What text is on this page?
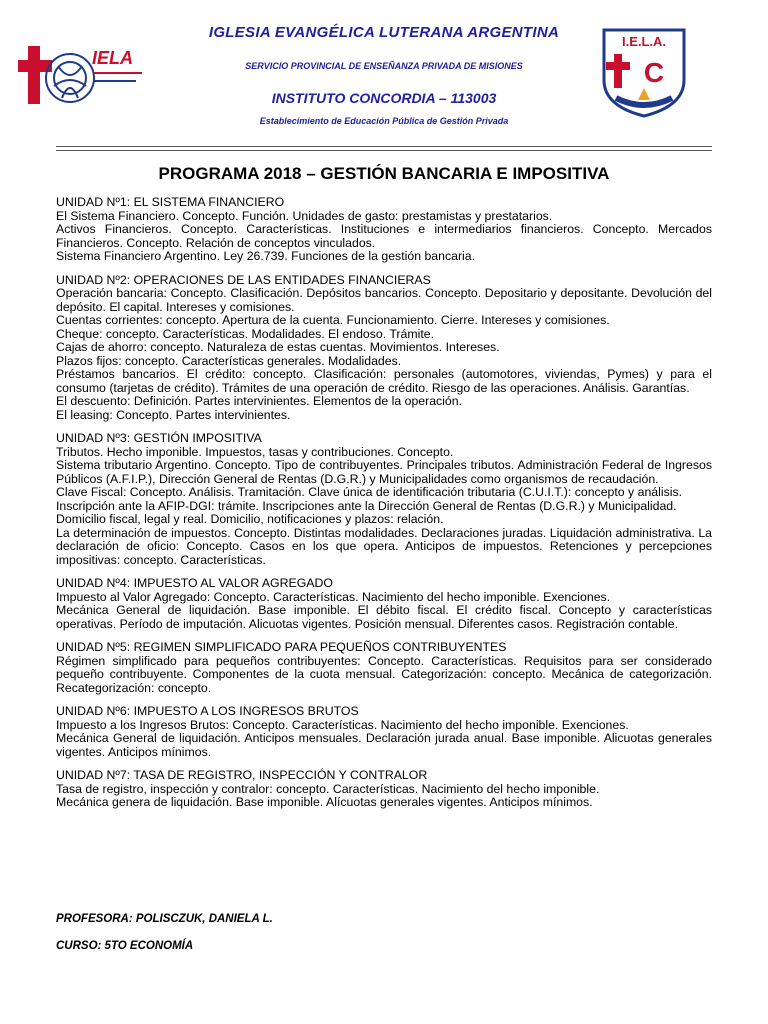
IELA
IGLESIA EVANGÉLICA LUTERANA ARGENTINA
SERVICIO PROVINCIAL DE ENSEÑANZA PRIVADA DE MISIONES
INSTITUTO CONCORDIA – 113003
Establecimiento de Educación Pública de Gestión Privada
I.E.L.A.
C
PROGRAMA 2018 – GESTIÓN BANCARIA E IMPOSITIVA

UNIDAD Nº1: EL SISTEMA FINANCIERO

El Sistema Financiero. Concepto. Función. Unidades de gasto: prestamistas y prestatarios.

Activos Financieros. Concepto. Características. Instituciones e intermediarios financieros. Concepto. Mercados Financieros. Concepto. Relación de conceptos vinculados.

Sistema Financiero Argentino. Ley 26.739. Funciones de la gestión bancaria.

UNIDAD Nº2: OPERACIONES DE LAS ENTIDADES FINANCIERAS

Operación bancaria: Concepto. Clasificación. Depósitos bancarios. Concepto. Depositario y depositante. Devolución del depósito. El capital. Intereses y comisiones.

Cuentas corrientes: concepto. Apertura de la cuenta. Funcionamiento. Cierre. Intereses y comisiones.

Cheque: concepto. Características. Modalidades. El endoso. Trámite.

Cajas de ahorro: concepto. Naturaleza de estas cuentas. Movimientos. Intereses.

Plazos fijos: concepto. Características generales. Modalidades.

Préstamos bancarios. El crédito: concepto. Clasificación: personales (automotores, viviendas, Pymes) y para el consumo (tarjetas de crédito). Trámites de una operación de crédito. Riesgo de las operaciones. Análisis. Garantías.

El descuento: Definición. Partes intervinientes. Elementos de la operación.

El leasing: Concepto. Partes intervinientes.

UNIDAD Nº3: GESTIÓN IMPOSITIVA

Tributos. Hecho imponible. Impuestos, tasas y contribuciones. Concepto.

Sistema tributario Argentino. Concepto. Tipo de contribuyentes. Principales tributos. Administración Federal de Ingresos Públicos (A.F.I.P.), Dirección General de Rentas (D.G.R.) y Municipalidades como organismos de recaudación.

Clave Fiscal: Concepto. Análisis. Tramitación. Clave única de identificación tributaria (C.U.I.T.): concepto y análisis.

Inscripción ante la AFIP-DGI: trámite. Inscripciones ante la Dirección General de Rentas (D.G.R.) y Municipalidad.

Domicilio fiscal, legal y real. Domicilio, notificaciones y plazos: relación.

La determinación de impuestos. Concepto. Distintas modalidades. Declaraciones juradas. Liquidación administrativa. La declaración de oficio: Concepto. Casos en los que opera. Anticipos de impuestos. Retenciones y percepciones impositivas: concepto. Características.

UNIDAD Nº4: IMPUESTO AL VALOR AGREGADO

Impuesto al Valor Agregado: Concepto. Características. Nacimiento del hecho imponible. Exenciones.

Mecánica General de liquidación. Base imponible. El débito fiscal. El crédito fiscal. Concepto y características operativas. Período de imputación. Alicuotas vigentes. Posición mensual. Diferentes casos. Registración contable.

UNIDAD Nº5: REGIMEN SIMPLIFICADO PARA PEQUEÑOS CONTRIBUYENTES

Régimen simplificado para pequeños contribuyentes: Concepto. Características. Requisitos para ser considerado pequeño contribuyente. Componentes de la cuota mensual. Categorización: concepto. Mecánica de categorización. Recategorización: concepto.

UNIDAD Nº6: IMPUESTO A LOS INGRESOS BRUTOS

Impuesto a los Ingresos Brutos: Concepto. Características. Nacimiento del hecho imponible. Exenciones.

Mecánica General de liquidación. Anticipos mensuales. Declaración jurada anual. Base imponible. Alicuotas generales vigentes. Anticipos mínimos.

UNIDAD Nº7: TASA DE REGISTRO, INSPECCIÓN Y CONTRALOR

Tasa de registro, inspección y contralor: concepto. Características. Nacimiento del hecho imponible.

Mecánica genera de liquidación. Base imponible. Alícuotas generales vigentes. Anticipos mínimos.

PROFESORA: POLISCZUK, DANIELA L.
CURSO: 5TO ECONOMÍA
